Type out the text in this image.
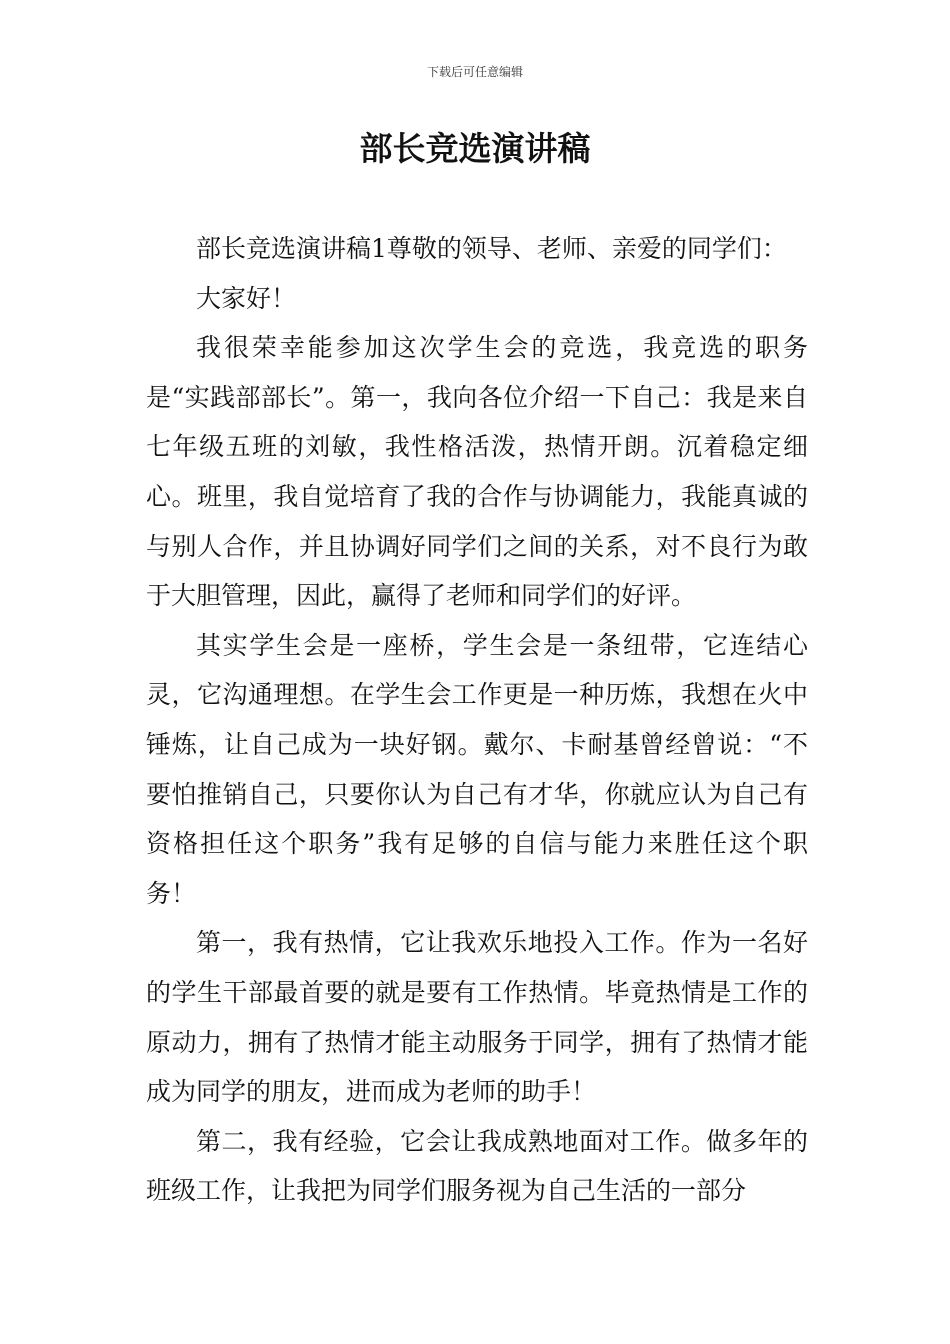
下载后可任意编辑
部长竞选演讲稿

部长竞选演讲稿1尊敬的领导、老师、亲爱的同学们：

大家好！

我很荣幸能参加这次学生会的竞选，我竞选的职务是“实践部部长”。第一，我向各位介绍一下自己：我是来自七年级五班的刘敏，我性格活泼，热情开朗。沉着稳定细心。班里，我自觉培育了我的合作与协调能力，我能真诚的与别人合作，并且协调好同学们之间的关系，对不良行为敢于大胆管理，因此，赢得了老师和同学们的好评。

其实学生会是一座桥，学生会是一条纽带，它连结心灵，它沟通理想。在学生会工作更是一种历炼，我想在火中锤炼，让自己成为一块好钢。戴尔、卡耐基曾经曾说：“不要怕推销自己，只要你认为自己有才华，你就应认为自己有资格担任这个职务”我有足够的自信与能力来胜任这个职务！

第一，我有热情，它让我欢乐地投入工作。作为一名好的学生干部最首要的就是要有工作热情。毕竟热情是工作的原动力，拥有了热情才能主动服务于同学，拥有了热情才能成为同学的朋友，进而成为老师的助手！

第二，我有经验，它会让我成熟地面对工作。做多年的班级工作，让我把为同学们服务视为自己生活的一部分
